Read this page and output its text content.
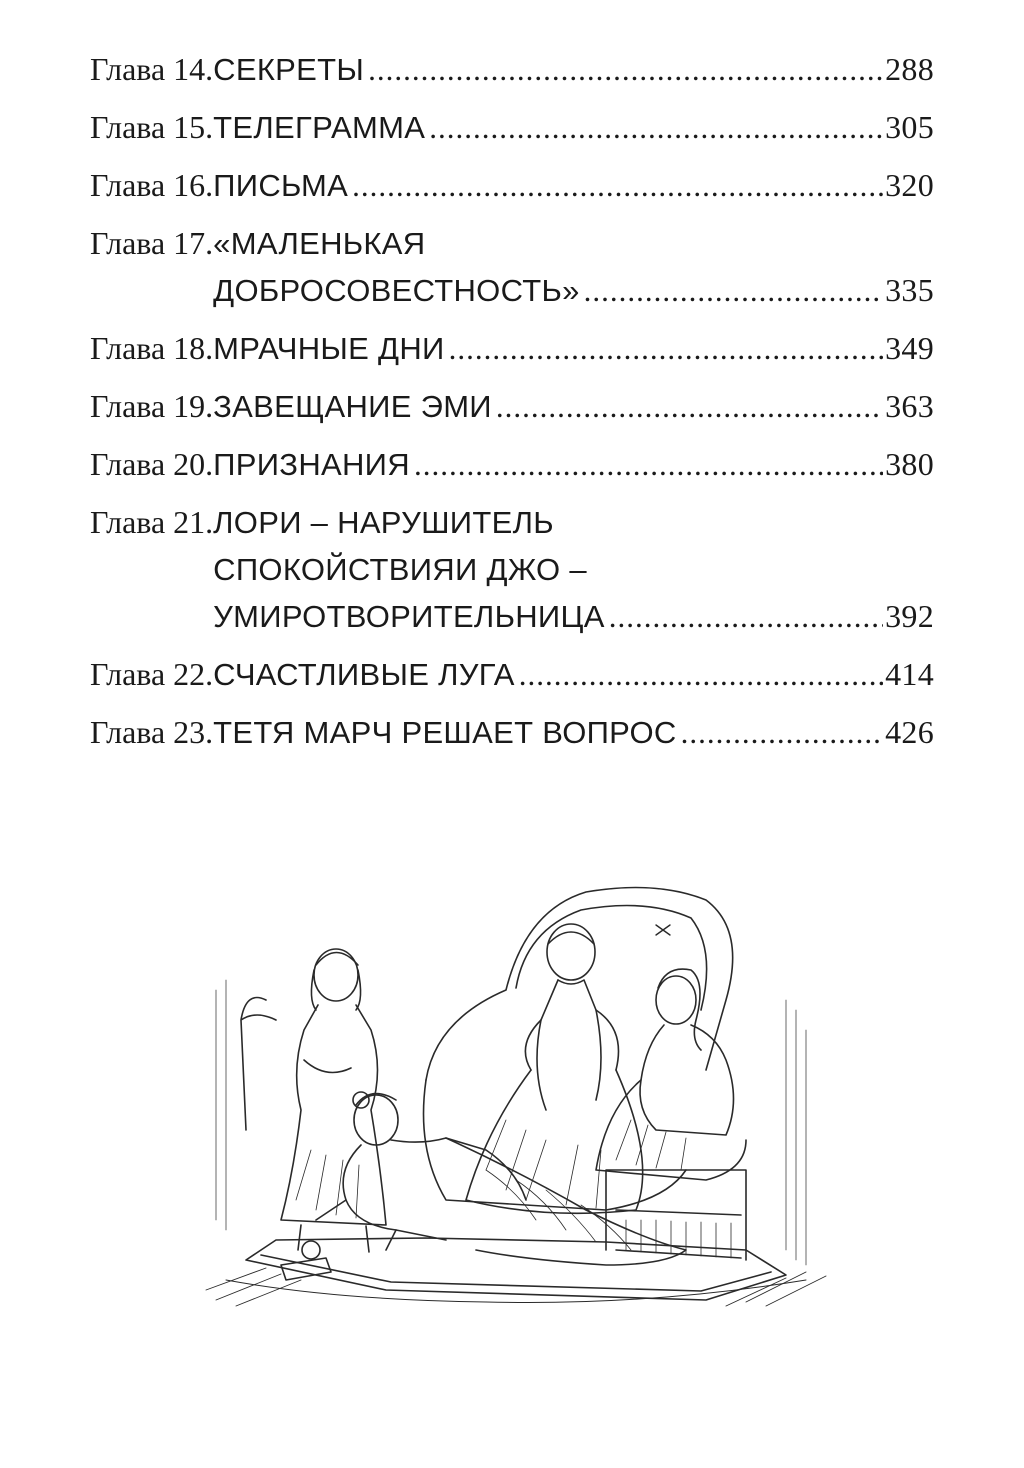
Глава 14. СЕКРЕТЫ .....	288
Глава 15. ТЕЛЕГРАММА .....	305
Глава 16. ПИСЬМА .....	320
Глава 17. «МАЛЕНЬКАЯ
ДОБРОСОВЕСТНОСТЬ» .....	335
Глава 18. МРАЧНЫЕ ДНИ .....	349
Глава 19. ЗАВЕЩАНИЕ ЭМИ .....	363
Глава 20. ПРИЗНАНИЯ .....	380
Глава 21. ЛОРИ – НАРУШИТЕЛЬ
СПОКОЙСТВИЯИ ДЖО –
УМИРОТВОРИТЕЛЬНИЦА .....	392
Глава 22. СЧАСТЛИВЫЕ ЛУГА .....	414
Глава 23. ТЕТЯ МАРЧ РЕШАЕТ ВОПРОС .....	426
